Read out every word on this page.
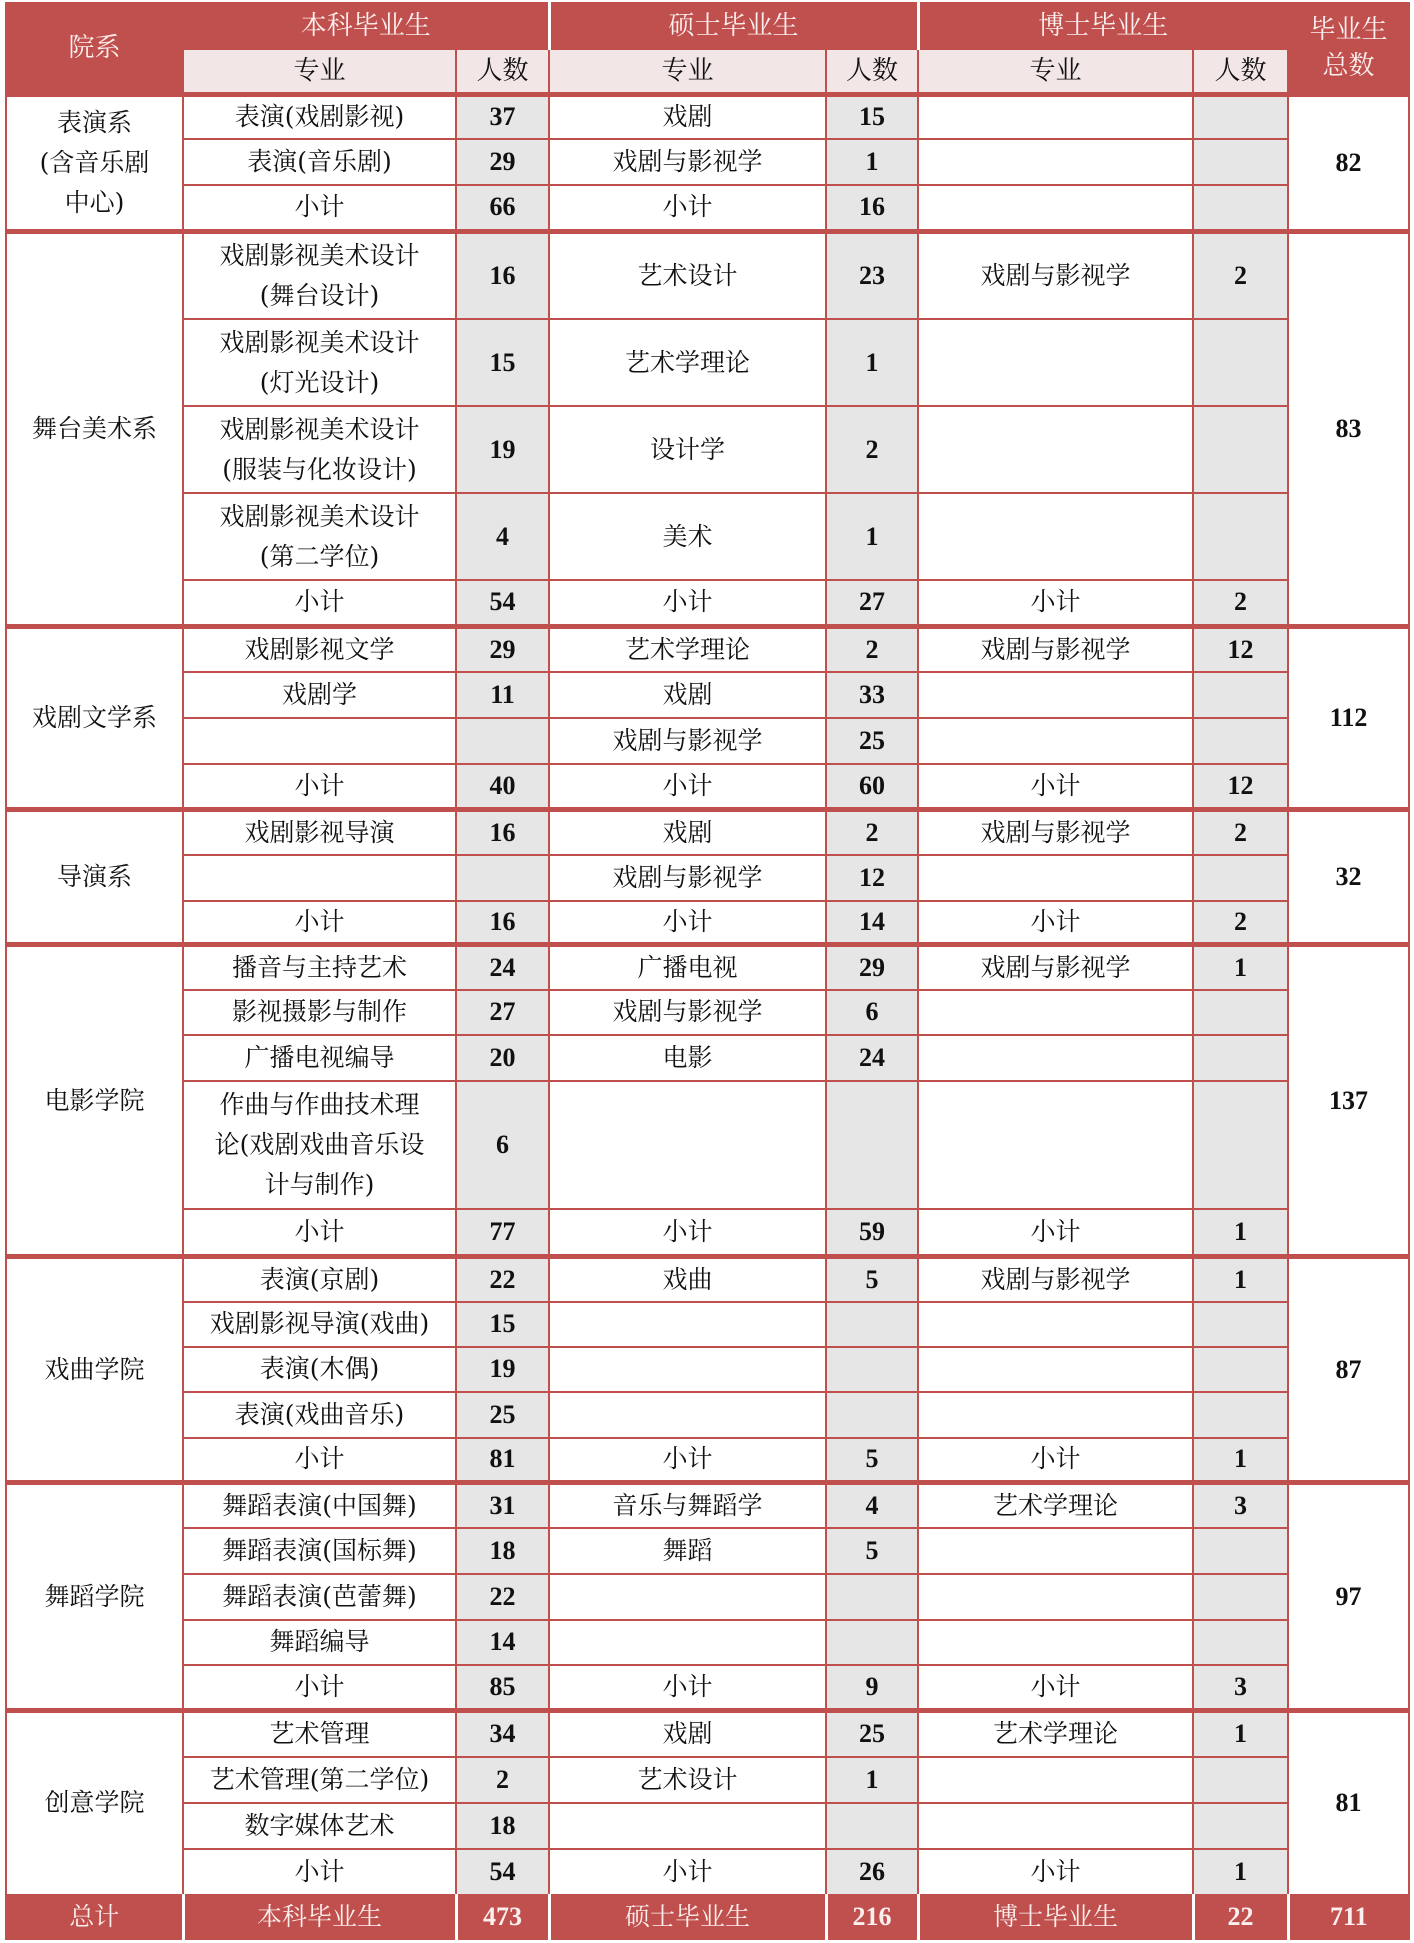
院系	本科毕业生		硕士毕业生		博士毕业生		毕业生
总数

	专业	人数	专业	人数	专业	人数	

表演系
(含音乐剧
中心)	表演(戏剧影视)	37	戏剧	15			82

	表演(音乐剧)	29	戏剧与影视学	1			
	小计	66	小计	16			

舞台美术系	戏剧影视美术设计
(舞台设计)	16	艺术设计	23	戏剧与影视学	2	83

	戏剧影视美术设计
(灯光设计)	15	艺术学理论	1			

	戏剧影视美术设计
(服装与化妆设计)	19	设计学	2			

	戏剧影视美术设计
(第二学位)	4	美术	1			
	小计	54	小计	27	小计	2	

戏剧文学系	戏剧影视文学	29	艺术学理论	2	戏剧与影视学	12	112

	戏剧学	11	戏剧	33			

			戏剧与影视学	25			
	小计	40	小计	60	小计	12	

导演系	戏剧影视导演	16	戏剧	2	戏剧与影视学	2	32

			戏剧与影视学	12			
	小计	16	小计	14	小计	2	

电影学院	播音与主持艺术	24	广播电视	29	戏剧与影视学	1	137

	影视摄影与制作	27	戏剧与影视学	6			

	广播电视编导	20	电影	24			

	作曲与作曲技术理
论(戏剧戏曲音乐设
计与制作)	6					
	小计	77	小计	59	小计	1	

戏曲学院	表演(京剧)	22	戏曲	5	戏剧与影视学	1	87

	戏剧影视导演(戏曲)	15					

	表演(木偶)	19					

	表演(戏曲音乐)	25					
	小计	81	小计	5	小计	1	

舞蹈学院	舞蹈表演(中国舞)	31	音乐与舞蹈学	4	艺术学理论	3	97

	舞蹈表演(国标舞)	18	舞蹈	5			

	舞蹈表演(芭蕾舞)	22					

	舞蹈编导	14					
	小计	85	小计	9	小计	3	

创意学院	艺术管理	34	戏剧	25	艺术学理论	1	81

	艺术管理(第二学位)	2	艺术设计	1			

	数字媒体艺术	18					
	小计	54	小计	26	小计	1	
总计	本科毕业生	473	硕士毕业生	216	博士毕业生	22	711
